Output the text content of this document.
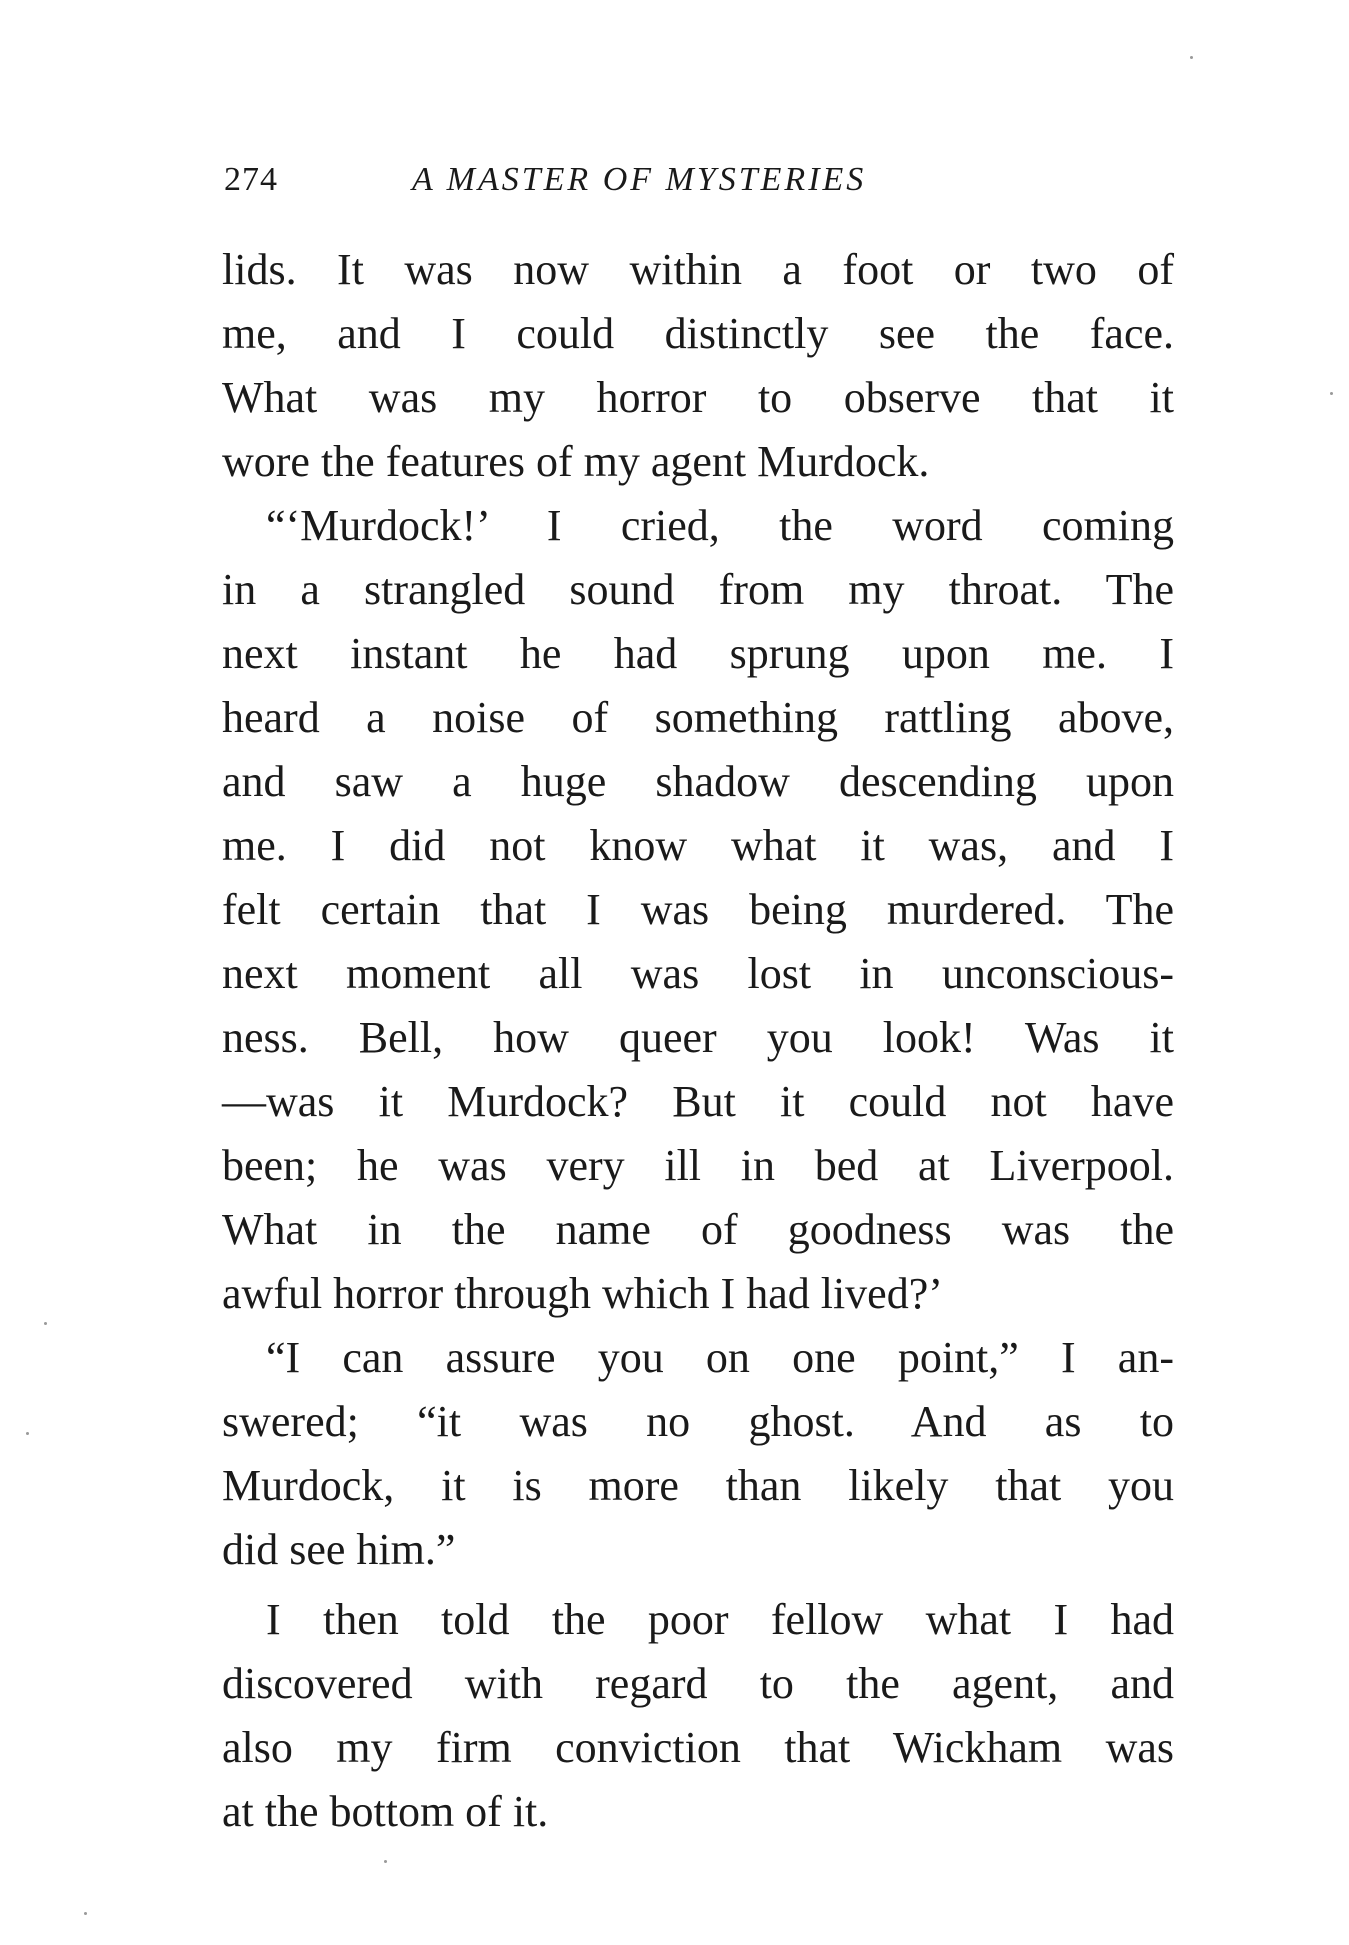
274	A MASTER OF MYSTERIES
lids. It was now within a foot or two of
me, and I could distinctly see the face.
What was my horror to observe that it
wore the features of my agent Murdock.
“‘Murdock!’ I cried, the word coming
in a strangled sound from my throat. The
next instant he had sprung upon me. I
heard a noise of something rattling above,
and saw a huge shadow descending upon
me. I did not know what it was, and I
felt certain that I was being murdered. The
next moment all was lost in unconscious-
ness. Bell, how queer you look! Was it
—was it Murdock? But it could not have
been; he was very ill in bed at Liverpool.
What in the name of goodness was the
awful horror through which I had lived?’
“I can assure you on one point,” I an-
swered; “it was no ghost. And as to
Murdock, it is more than likely that you
did see him.”
I then told the poor fellow what I had
discovered with regard to the agent, and
also my firm conviction that Wickham was
at the bottom of it.
